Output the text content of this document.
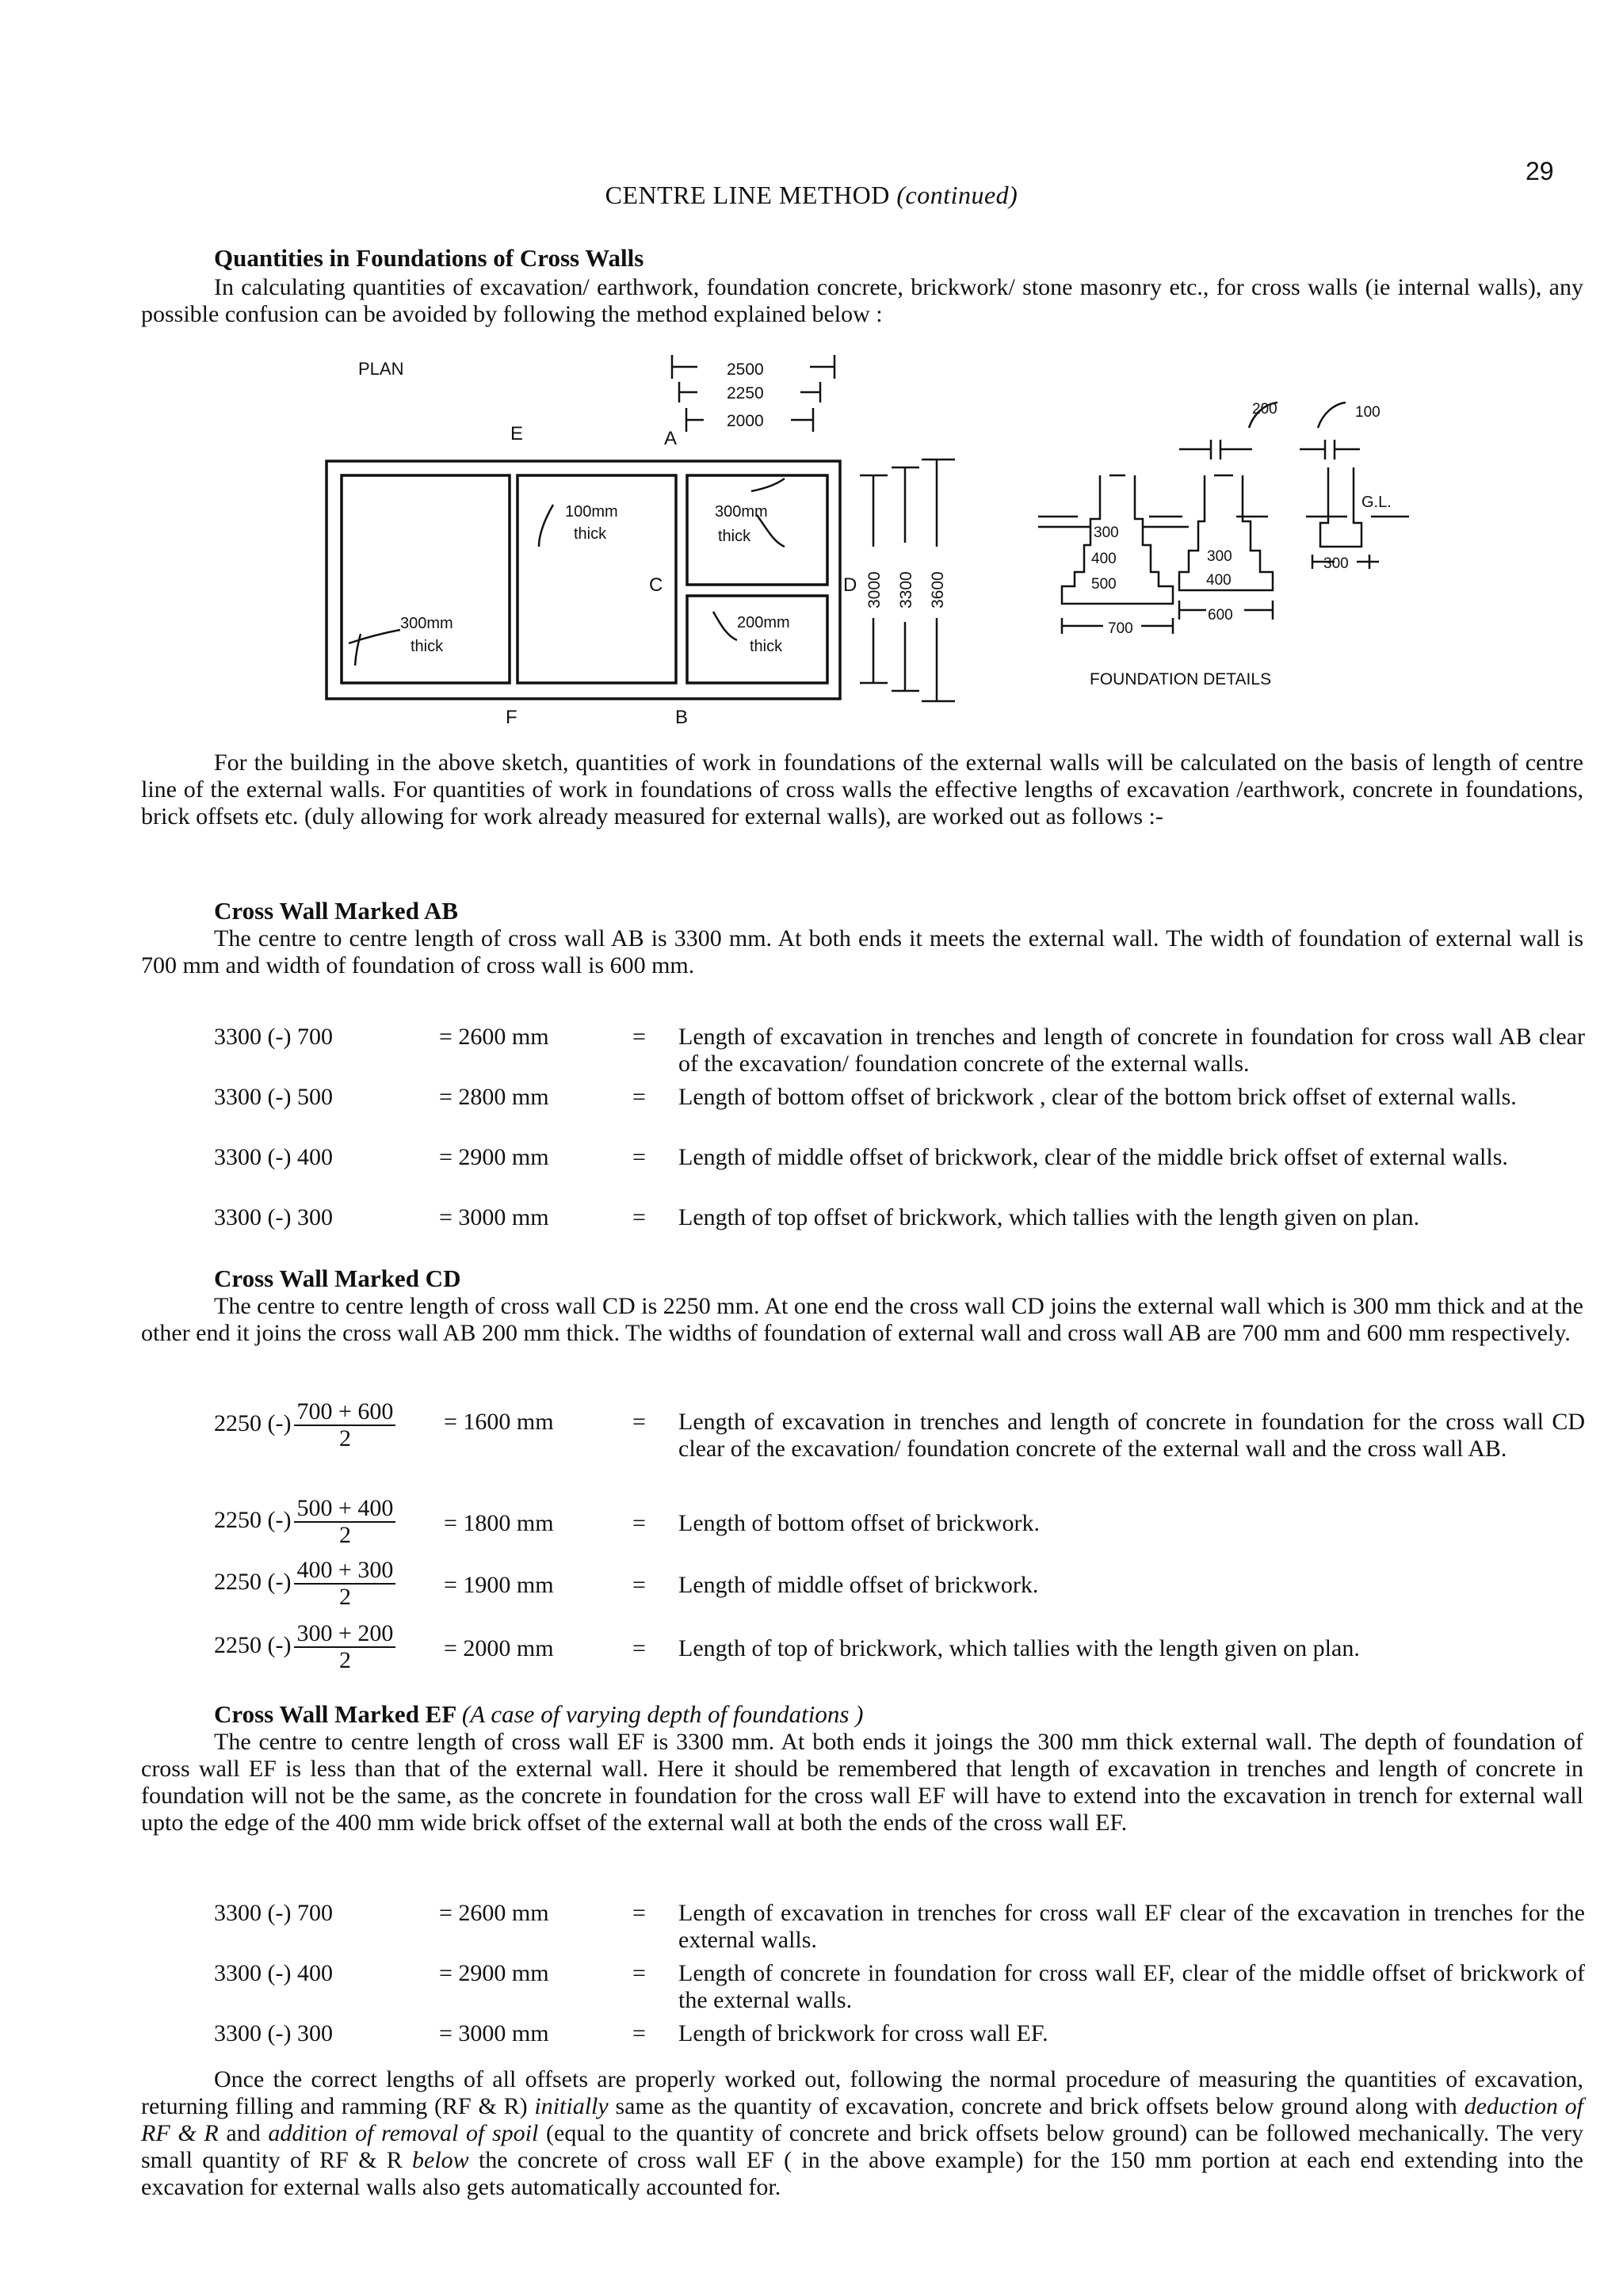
29
CENTRE LINE METHOD (continued)
Quantities in Foundations of Cross Walls
In calculating quantities of excavation/ earthwork, foundation concrete, brickwork/ stone masonry etc., for cross walls (ie internal walls), any possible confusion can be avoided by following the method explained below :
PLAN	2500
2250
2000
E	A
100mm
thick
300mm
thick
300mm
thick
200mm
thick
C	D
F	B
3000 3300 3600
200	100
G.L.
300
400
500
700
300
400
600
300
FOUNDATION DETAILS
For the building in the above sketch, quantities of work in foundations of the external walls will be calculated on the basis of length of centre line of the external walls. For quantities of work in foundations of cross walls the effective lengths of excavation /earthwork, concrete in foundations, brick offsets etc. (duly allowing for work already measured for external walls), are worked out as follows :-
Cross Wall Marked AB
The centre to centre length of cross wall AB is 3300 mm. At both ends it meets the external wall. The width of foundation of external wall is 700 mm and width of foundation of cross wall is 600 mm.
3300 (-) 700	= 2600 mm	= Length of excavation in trenches and length of concrete in foundation for cross wall AB clear of the excavation/ foundation concrete of the external walls.
3300 (-) 500	= 2800 mm	= Length of bottom offset of brickwork , clear of the bottom brick offset of external walls.
3300 (-) 400	= 2900 mm	= Length of middle offset of brickwork, clear of the middle brick offset of external walls.
3300 (-) 300	= 3000 mm	= Length of top offset of brickwork, which tallies with the length given on plan.
Cross Wall Marked CD
The centre to centre length of cross wall CD is 2250 mm. At one end the cross wall CD joins the external wall which is 300 mm thick and at the other end it joins the cross wall AB 200 mm thick. The widths of foundation of external wall and cross wall AB are 700 mm and 600 mm respectively.
2250 (-) $\frac{700 + 600}{2} = 1600$ mm	= Length of excavation in trenches and length of concrete in foundation for the cross wall CD clear of the excavation/ foundation concrete of the external wall and the cross wall AB.
2250 (-) $\frac{500 + 400}{2} = 1800$ mm	= Length of bottom offset of brickwork.
2250 (-) $\frac{400 + 300}{2} = 1900$ mm	= Length of middle offset of brickwork.
2250 (-) $\frac{300 + 200}{2} = 2000$ mm	= Length of top of brickwork, which tallies with the length given on plan.
Cross Wall Marked EF (A case of varying depth of foundations )
The centre to centre length of cross wall EF is 3300 mm. At both ends it joings the 300 mm thick external wall. The depth of foundation of cross wall EF is less than that of the external wall. Here it should be remembered that length of excavation in trenches and length of concrete in foundation will not be the same, as the concrete in foundation for the cross wall EF will have to extend into the excavation in trench for external wall upto the edge of the 400 mm wide brick offset of the external wall at both the ends of the cross wall EF.
3300 (-) 700	= 2600 mm	= Length of excavation in trenches for cross wall EF clear of the excavation in trenches for the external walls.
3300 (-) 400	= 2900 mm	= Length of concrete in foundation for cross wall EF, clear of the middle offset of brickwork of the external walls.
3300 (-) 300	= 3000 mm	= Length of brickwork for cross wall EF.
Once the correct lengths of all offsets are properly worked out, following the normal procedure of measuring the quantities of excavation, returning filling and ramming (RF & R) initially same as the quantity of excavation, concrete and brick offsets below ground along with deduction of RF & R and addition of removal of spoil (equal to the quantity of concrete and brick offsets below ground) can be followed mechanically. The very small quantity of RF & R below the concrete of cross wall EF ( in the above example) for the 150 mm portion at each end extending into the excavation for external walls also gets automatically accounted for.
